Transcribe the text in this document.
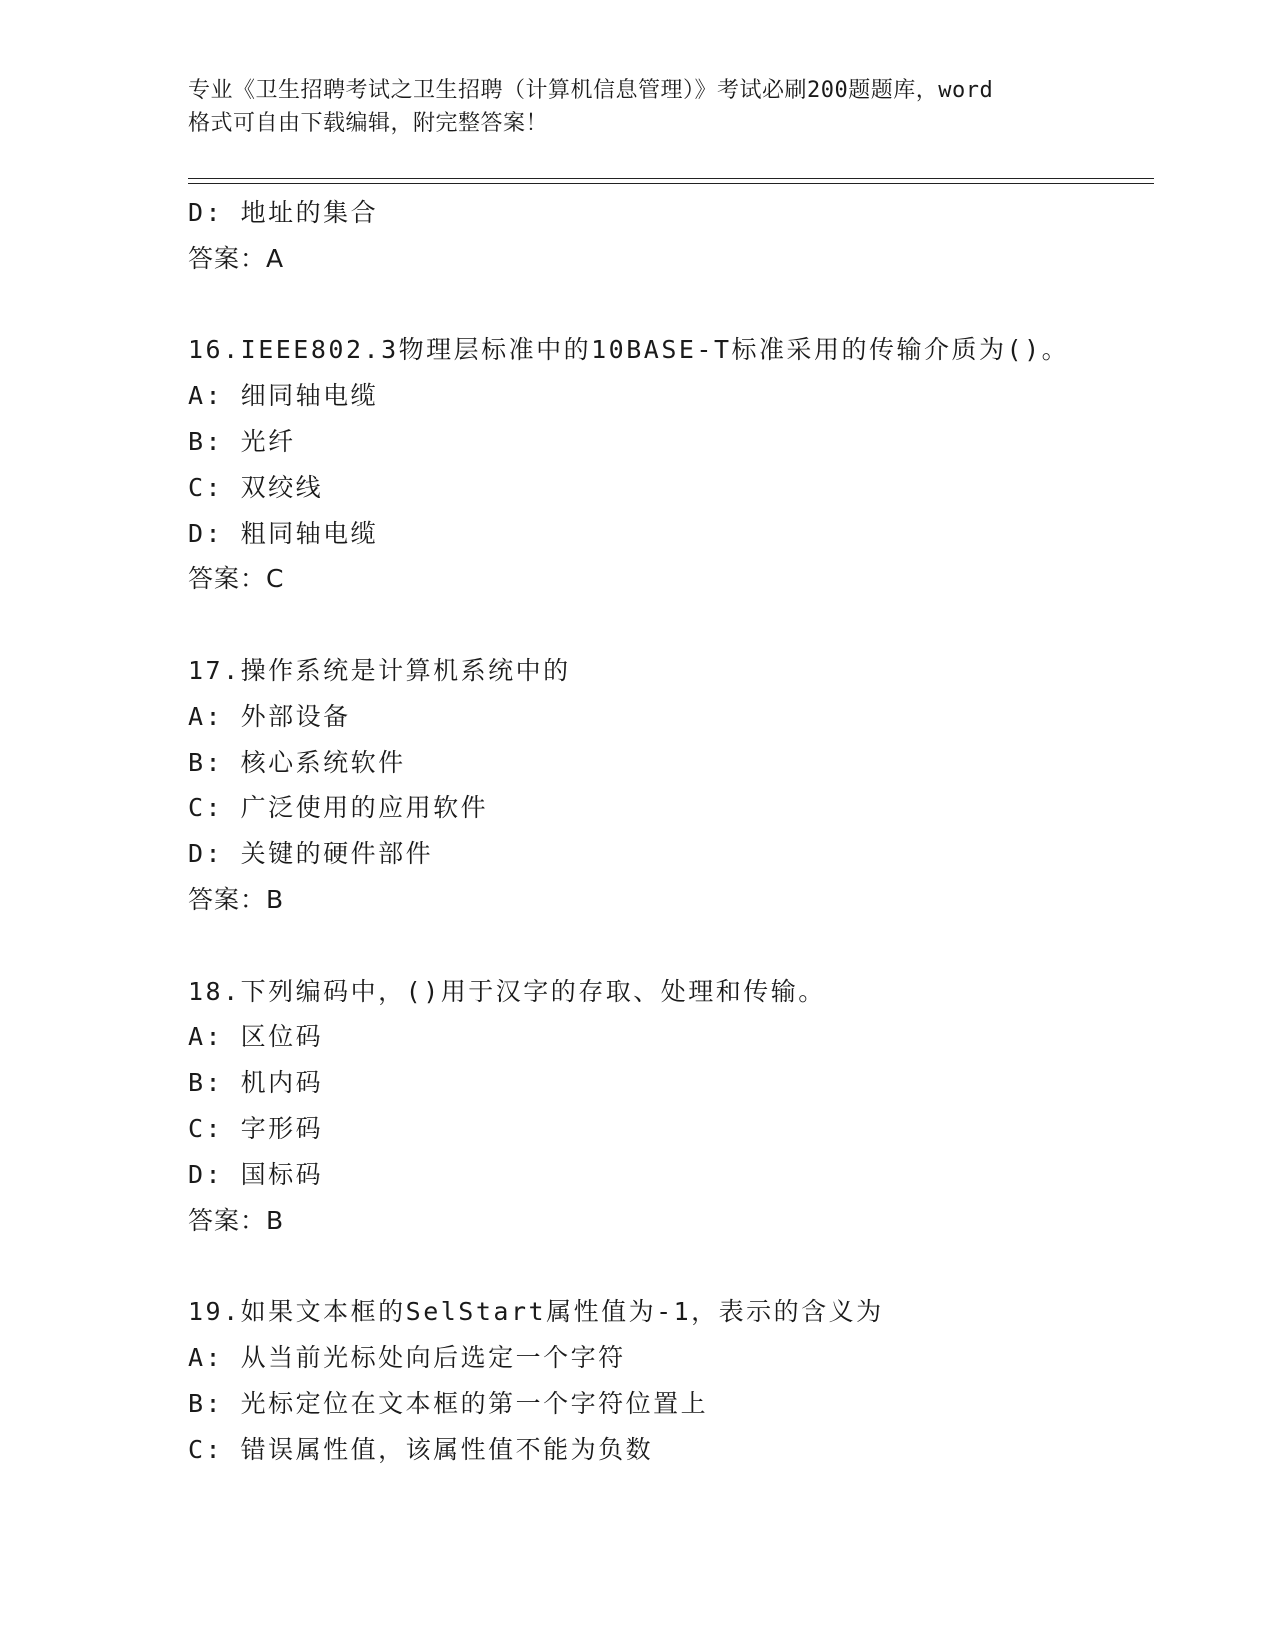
专业《卫生招聘考试之卫生招聘（计算机信息管理）》考试必刷200题题库，word
格式可自由下载编辑，附完整答案！
D: 地址的集合
答案：A
16.IEEE802.3物理层标准中的10BASE-T标准采用的传输介质为()。
A: 细同轴电缆
B: 光纤
C: 双绞线
D: 粗同轴电缆
答案：C
17.操作系统是计算机系统中的
A: 外部设备
B: 核心系统软件
C: 广泛使用的应用软件
D: 关键的硬件部件
答案：B
18.下列编码中，()用于汉字的存取、处理和传输。
A: 区位码
B: 机内码
C: 字形码
D: 国标码
答案：B
19.如果文本框的SelStart属性值为-1，表示的含义为
A: 从当前光标处向后选定一个字符
B: 光标定位在文本框的第一个字符位置上
C: 错误属性值，该属性值不能为负数
